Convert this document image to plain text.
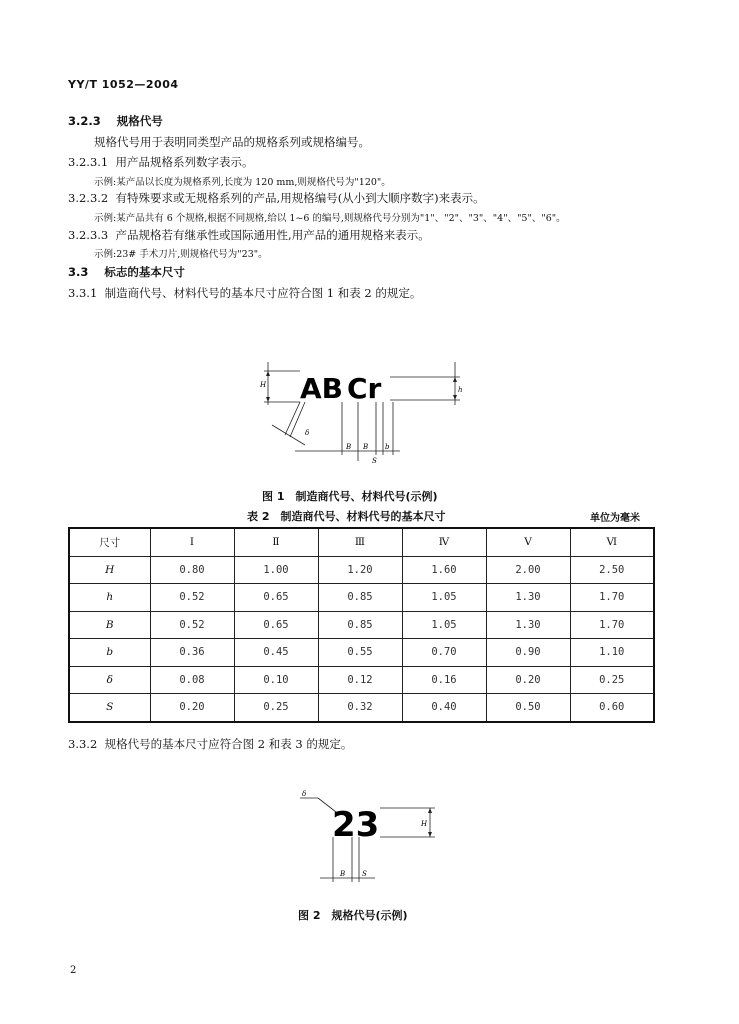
YY/T 1052—2004
3.2.3 规格代号
规格代号用于表明同类型产品的规格系列或规格编号。
3.2.3.1 用产品规格系列数字表示。
示例:某产品以长度为规格系列,长度为 120 mm,则规格代号为"120"。
3.2.3.2 有特殊要求或无规格系列的产品,用规格编号(从小到大顺序数字)来表示。
示例:某产品共有 6 个规格,根据不同规格,给以 1~6 的编号,则规格代号分别为"1"、"2"、"3"、"4"、"5"、"6"。
3.2.3.3 产品规格若有继承性或国际通用性,用产品的通用规格来表示。
示例:23# 手术刀片,则规格代号为"23"。
3.3 标志的基本尺寸
3.3.1 制造商代号、材料代号的基本尺寸应符合图 1 和表 2 的规定。
AB Cr
H
h
δ
B B b
S
图 1　制造商代号、材料代号(示例)
表 2　制造商代号、材料代号的基本尺寸	单位为毫米
尺寸	Ⅰ	Ⅱ	Ⅲ	Ⅳ	Ⅴ	Ⅵ
H	0.80	1.00	1.20	1.60	2.00	2.50
h	0.52	0.65	0.85	1.05	1.30	1.70
B	0.52	0.65	0.85	1.05	1.30	1.70
b	0.36	0.45	0.55	0.70	0.90	1.10
δ	0.08	0.10	0.12	0.16	0.20	0.25
S	0.20	0.25	0.32	0.40	0.50	0.60
3.3.2 规格代号的基本尺寸应符合图 2 和表 3 的规定。
23
δ
H
B S
图 2　规格代号(示例)
2
